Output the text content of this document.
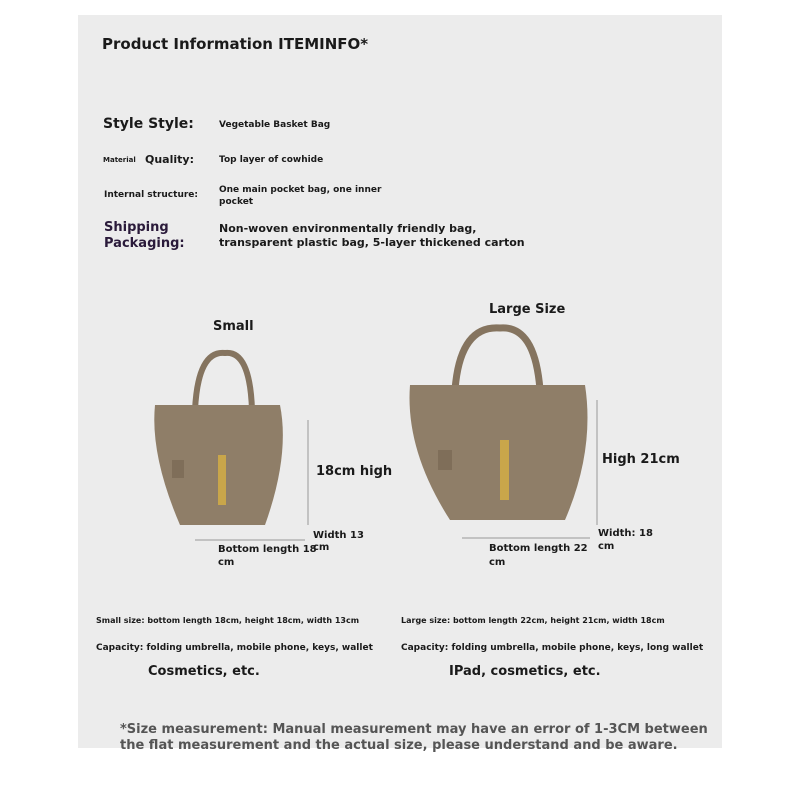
Product Information ITEMINFO*
Style Style:	Vegetable Basket Bag
Material Quality:	Top layer of cowhide
Internal structure: One main pocket bag, one inner
pocket
Shipping
Packaging:
Non-woven environmentally friendly bag,
transparent plastic bag, 5-layer thickened carton
Small
18cm high
Width 13
cm
Bottom length 18
cm
Large Size
High 21cm
Width: 18
cm
Bottom length 22
cm
Small size: bottom length 18cm, height 18cm, width 13cm	Large size: bottom length 22cm, height 21cm, width 18cm
Capacity: folding umbrella, mobile phone, keys, wallet	Capacity: folding umbrella, mobile phone, keys, long wallet
Cosmetics, etc.	IPad, cosmetics, etc.
*Size measurement: Manual measurement may have an error of 1-3CM between the flat measurement and the actual size, please understand and be aware.
